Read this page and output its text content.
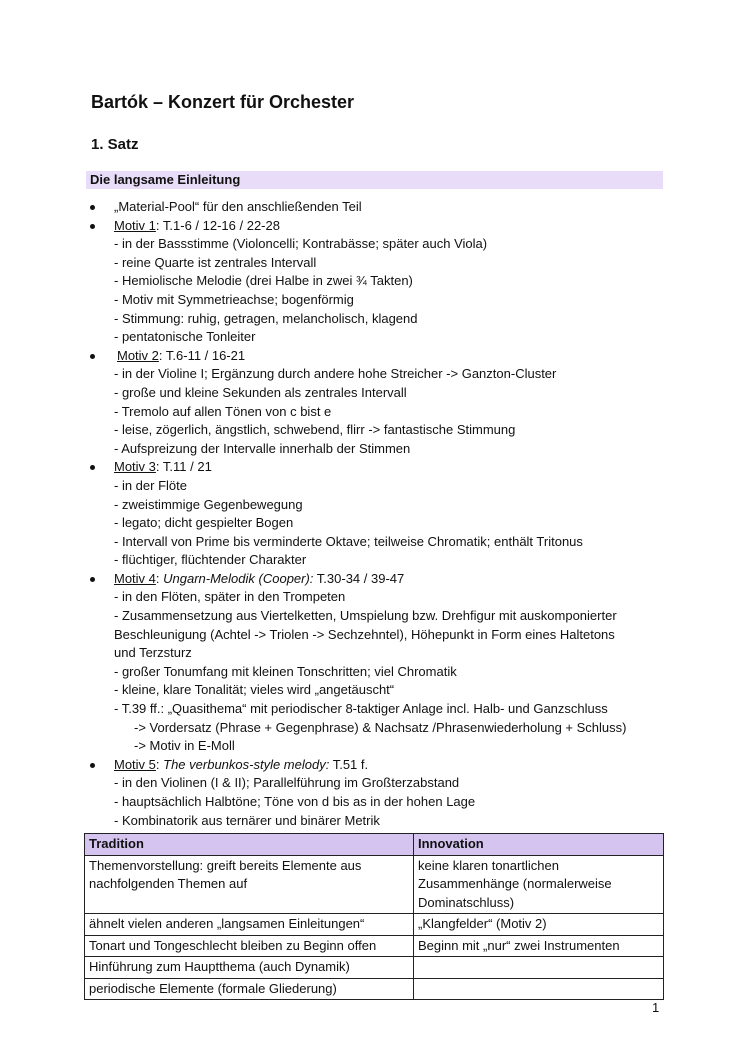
Bartók – Konzert für Orchester
1. Satz
Die langsame Einleitung
„Material-Pool“ für den anschließenden Teil
Motiv 1: T.1-6 / 12-16 / 22-28
- in der Bassstimme (Violoncelli; Kontrabässe; später auch Viola)
- reine Quarte ist zentrales Intervall
- Hemiolische Melodie (drei Halbe in zwei ¾ Takten)
- Motiv mit Symmetrieachse; bogenförmig
- Stimmung: ruhig, getragen, melancholisch, klagend
- pentatonische Tonleiter
Motiv 2: T.6-11 / 16-21
- in der Violine I; Ergänzung durch andere hohe Streicher -> Ganzton-Cluster
- große und kleine Sekunden als zentrales Intervall
- Tremolo auf allen Tönen von c bist e
- leise, zögerlich, ängstlich, schwebend, flirr -> fantastische Stimmung
- Aufspreizung der Intervalle innerhalb der Stimmen
Motiv 3: T.11 / 21
- in der Flöte
- zweistimmige Gegenbewegung
- legato; dicht gespielter Bogen
- Intervall von Prime bis verminderte Oktave; teilweise Chromatik; enthält Tritonus
- flüchtiger, flüchtender Charakter
Motiv 4: Ungarn-Melodik (Cooper): T.30-34 / 39-47
- in den Flöten, später in den Trompeten
- Zusammensetzung aus Viertelketten, Umspielung bzw. Drehfigur mit auskomponierter
Beschleunigung (Achtel -> Triolen -> Sechzehntel), Höhepunkt in Form eines Haltetons
und Terzsturz
- großer Tonumfang mit kleinen Tonschritten; viel Chromatik
- kleine, klare Tonalität; vieles wird „angetäuscht“
- T.39 ff.: „Quasithema“ mit periodischer 8-taktiger Anlage incl. Halb- und Ganzschluss
-> Vordersatz (Phrase + Gegenphrase) & Nachsatz /Phrasenwiederholung + Schluss)
-> Motiv in E-Moll
Motiv 5: The verbunkos-style melody: T.51 f.
- in den Violinen (I & II); Parallelführung im Großterzabstand
- hauptsächlich Halbtöne; Töne von d bis as in der hohen Lage
- Kombinatorik aus ternärer und binärer Metrik
Tradition	Innovation
Themenvorstellung: greift bereits Elemente aus nachfolgenden Themen auf	keine klaren tonartlichen Zusammenhänge (normalerweise Dominatschluss)
ähnelt vielen anderen „langsamen Einleitungen“	„Klangfelder“ (Motiv 2)
Tonart und Tongeschlecht bleiben zu Beginn offen	Beginn mit „nur“ zwei Instrumenten
Hinführung zum Hauptthema (auch Dynamik)	
periodische Elemente (formale Gliederung)	
1
